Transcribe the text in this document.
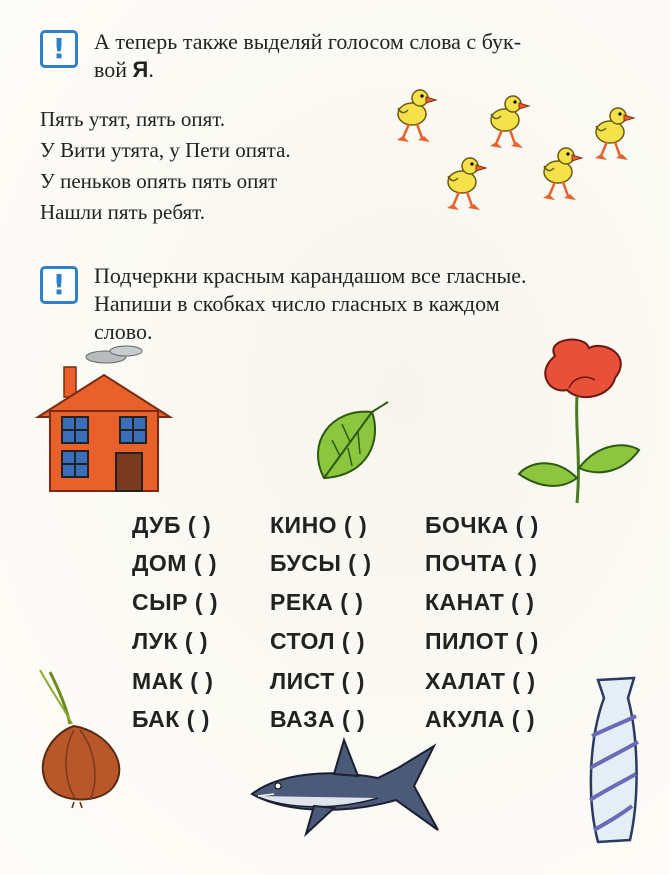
!	А теперь также выделяй голосом слова с бук-
вой Я.
Пять утят, пять опят.
У Вити утята, у Пети опята.
У пеньков опять пять опят
Нашли пять ребят.
!	Подчеркни красным карандашом все гласные.
Напиши в скобках число гласных в каждом
слово.
ДУБ ( )
ДОМ ( )
СЫР ( )
ЛУК ( )
МАК ( )
БАК ( )
КИНО ( )
БУСЫ ( )
РЕКА ( )
СТОЛ ( )
ЛИСТ ( )
ВАЗА ( )
БОЧКА ( )
ПОЧТА ( )
КАНАТ ( )
ПИЛОТ ( )
ХАЛАТ ( )
АКУЛА ( )
